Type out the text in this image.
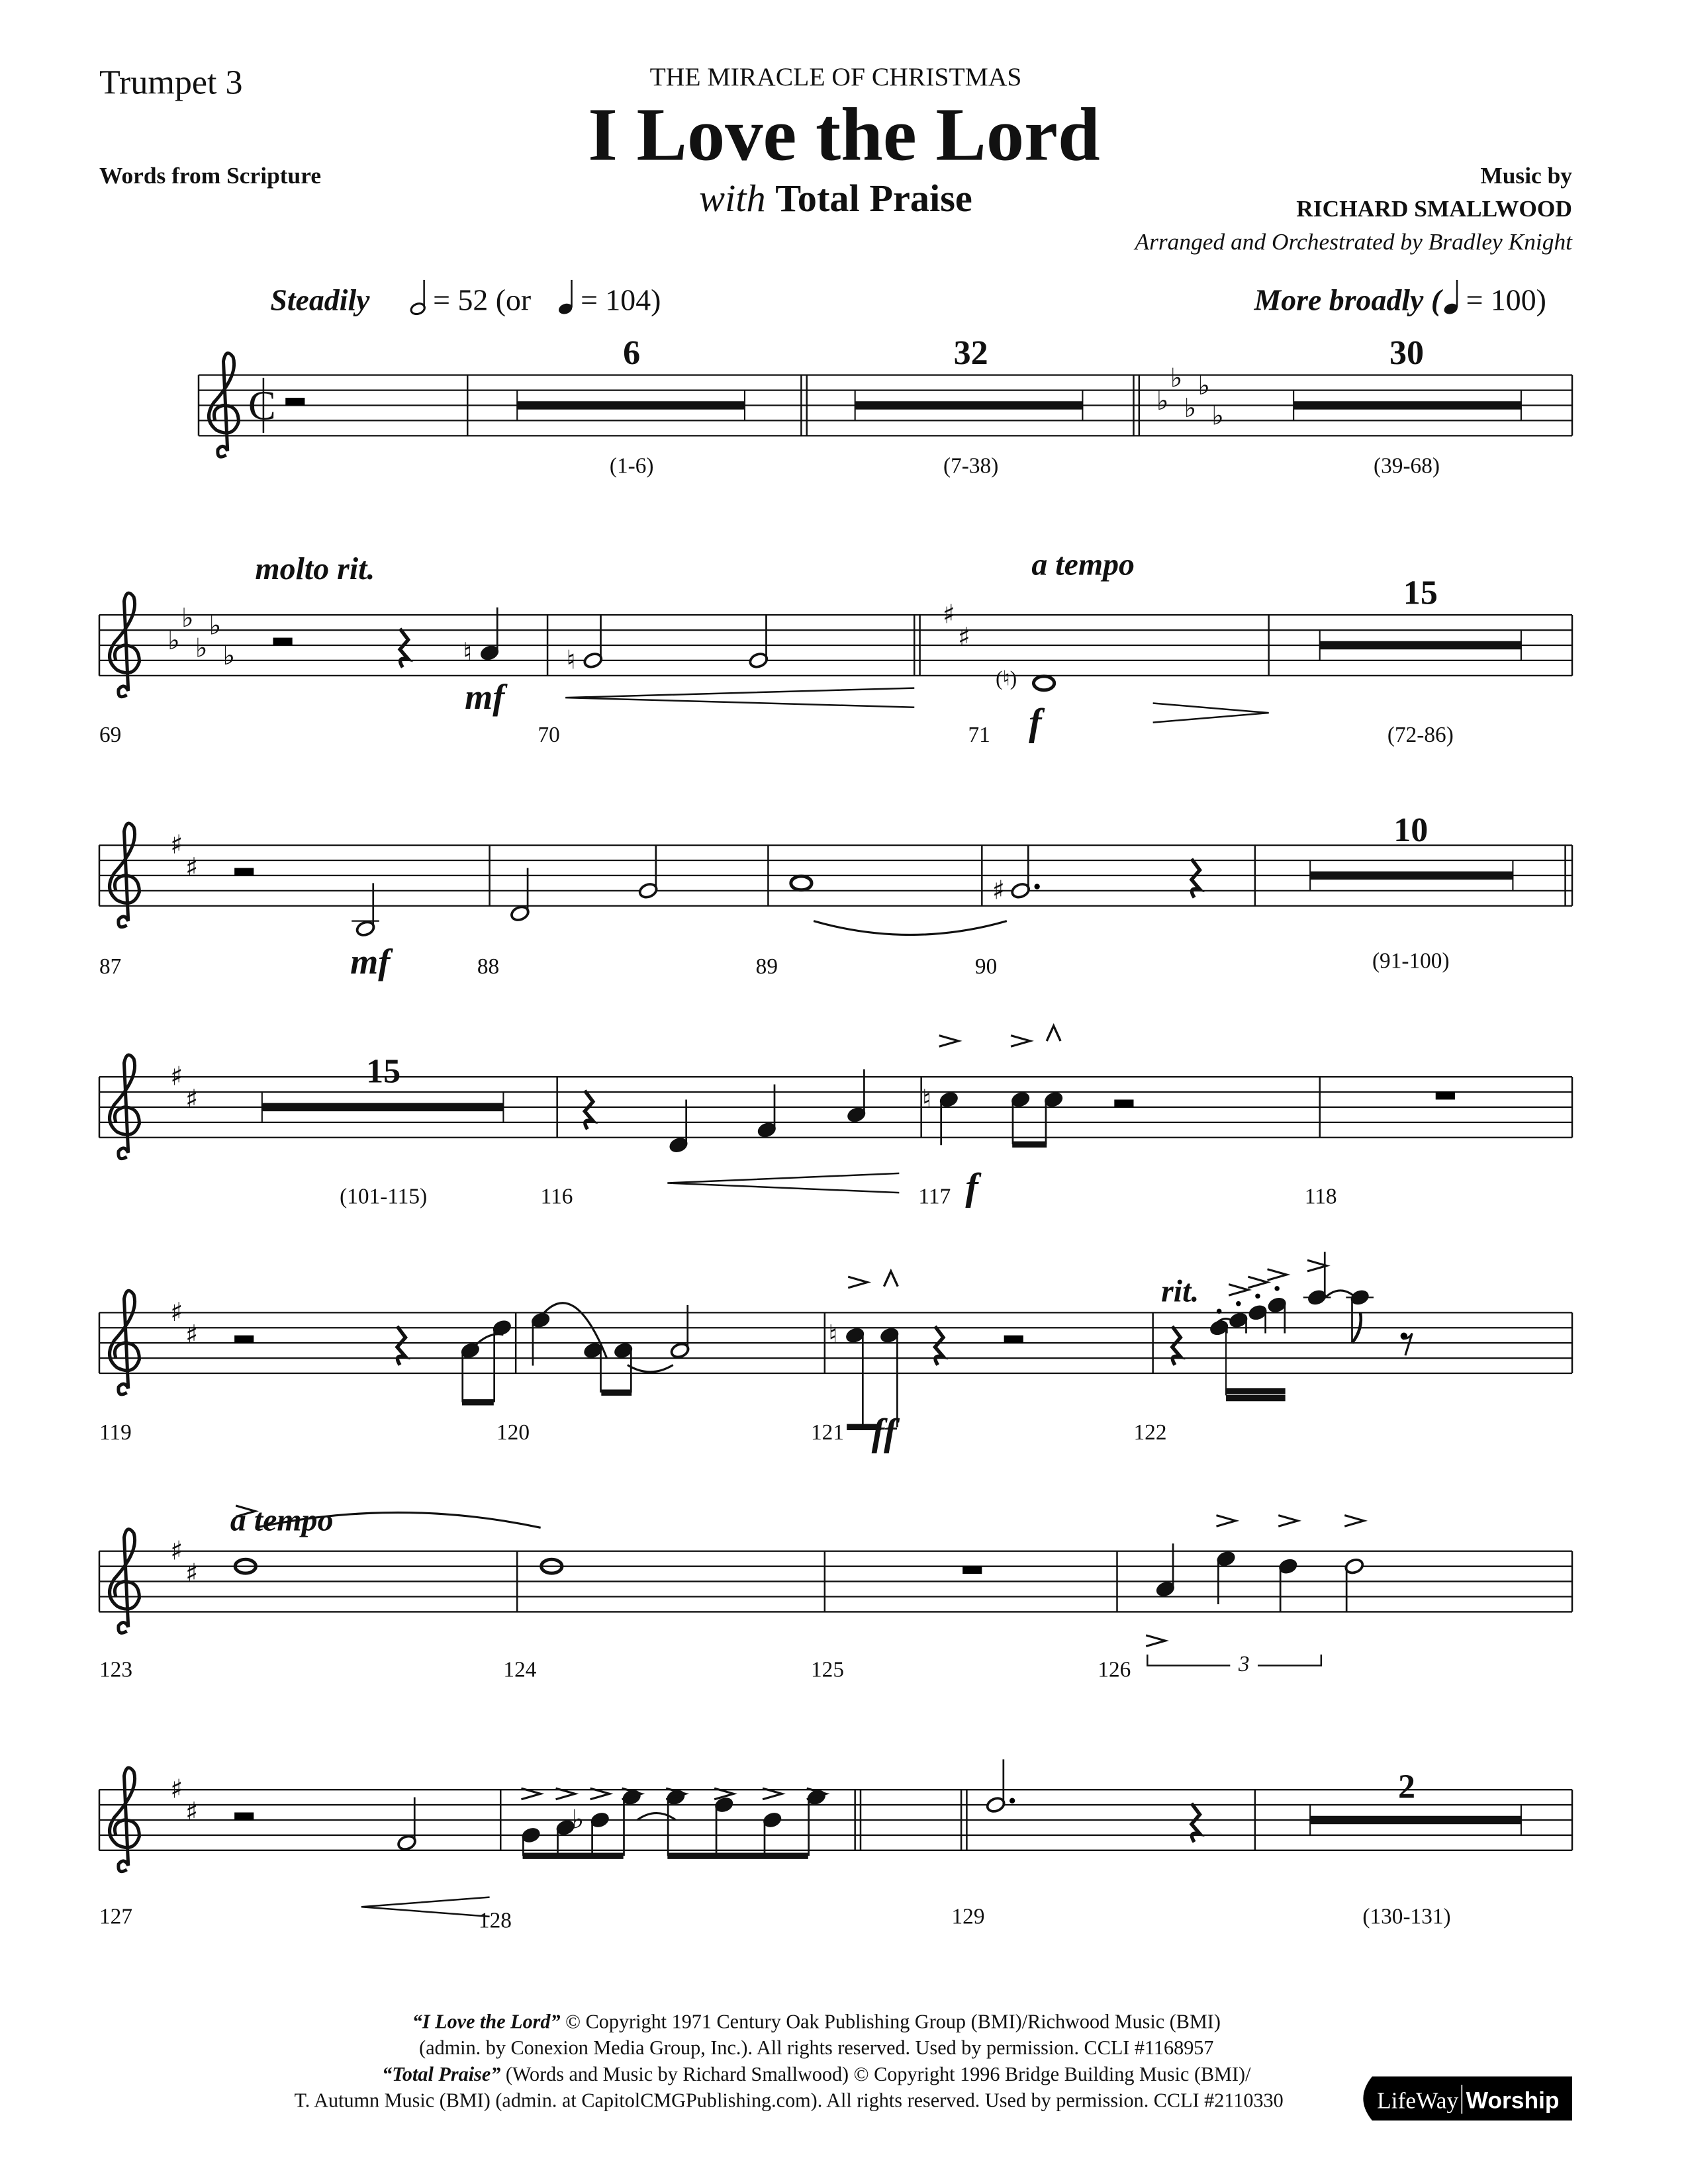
Trumpet 3	THE MIRACLE OF CHRISTMAS
I Love the Lord
with Total Praise
Words from Scripture	Music by
RICHARD SMALLWOOD
Arranged and Orchestrated by Bradley Knight
Steadily	= 52 (or	= 104)	More broadly ( = 100)
molto rit.	a tempo
rit.
a tempo
(♮)
3
mf
f
mf
f
ff
C	♭
♭
♭
♭
♭
♭
♭
♭
♭
♭	♮	♮
♯
♯
♯
♯
♯
♯
♯	♮
♯
♯	♮
♯
♯
♯
♯	♭
6
(1-6)
32
(7-38)
30
(39-68)
15
(72-86)
10
(91-100)
15
(101-115)
2
(130-131)
69	70	71
87	88	89	90
116	117	118
119	120	121	122
123	124	125	126
127	128	129
“I Love the Lord” © Copyright 1971 Century Oak Publishing Group (BMI)/Richwood Music (BMI)
(admin. by Conexion Media Group, Inc.). All rights reserved. Used by permission. CCLI #1168957
“Total Praise” (Words and Music by Richard Smallwood) © Copyright 1996 Bridge Building Music (BMI)/
T. Autumn Music (BMI) (admin. at CapitolCMGPublishing.com). All rights reserved. Used by permission. CCLI #2110330	LifeWay Worship
